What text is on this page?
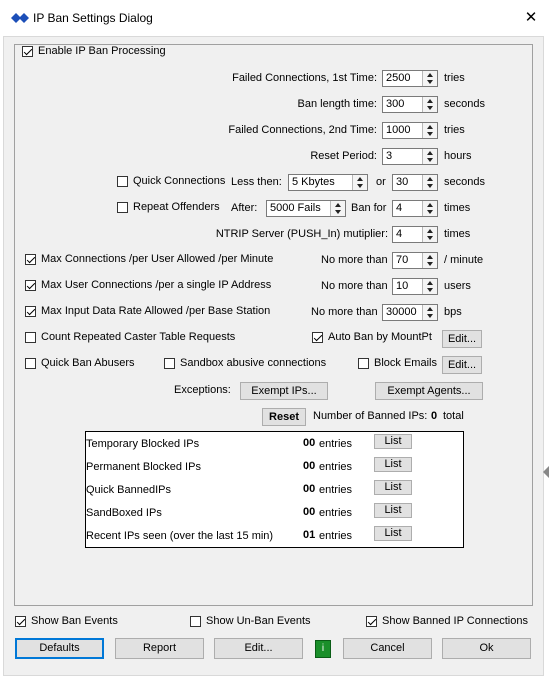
IP Ban Settings Dialog	✕
Enable IP Ban Processing
Failed Connections, 1st Time: 2500	tries
Ban length time: 300	seconds
Failed Connections, 2nd Time: 1000	tries
Reset Period: 3	hours
Quick Connections Less then: 5 Kbytes	or 30	seconds
Repeat Offenders After: 5000 Fails	Ban for 4	times
NTRIP Server (PUSH_In) mutiplier: 4	times
Max Connections /per User Allowed /per Minute	No more than 70	/ minute
Max User Connections /per a single IP Address	No more than 10	users
Max Input Data Rate Allowed /per Base Station	No more than 30000 bps
Count Repeated Caster Table Requests	Auto Ban by MountPt	Edit...
Quick Ban Abusers	Sandbox abusive connections	Block Emails Edit...
Exceptions:	Exempt IPs...	Exempt Agents...
Reset	Number of Banned IPs: 0 total
Temporary Blocked IPs	00 entries	List
Permanent Blocked IPs	00 entries	List
Quick BannedIPs	00 entries	List
SandBoxed IPs	00 entries	List
Recent IPs seen (over the last 15 min)	01 entries	List
Show Ban Events	Show Un-Ban Events	Show Banned IP Connections
Defaults	Report	Edit...	i	Cancel	Ok
